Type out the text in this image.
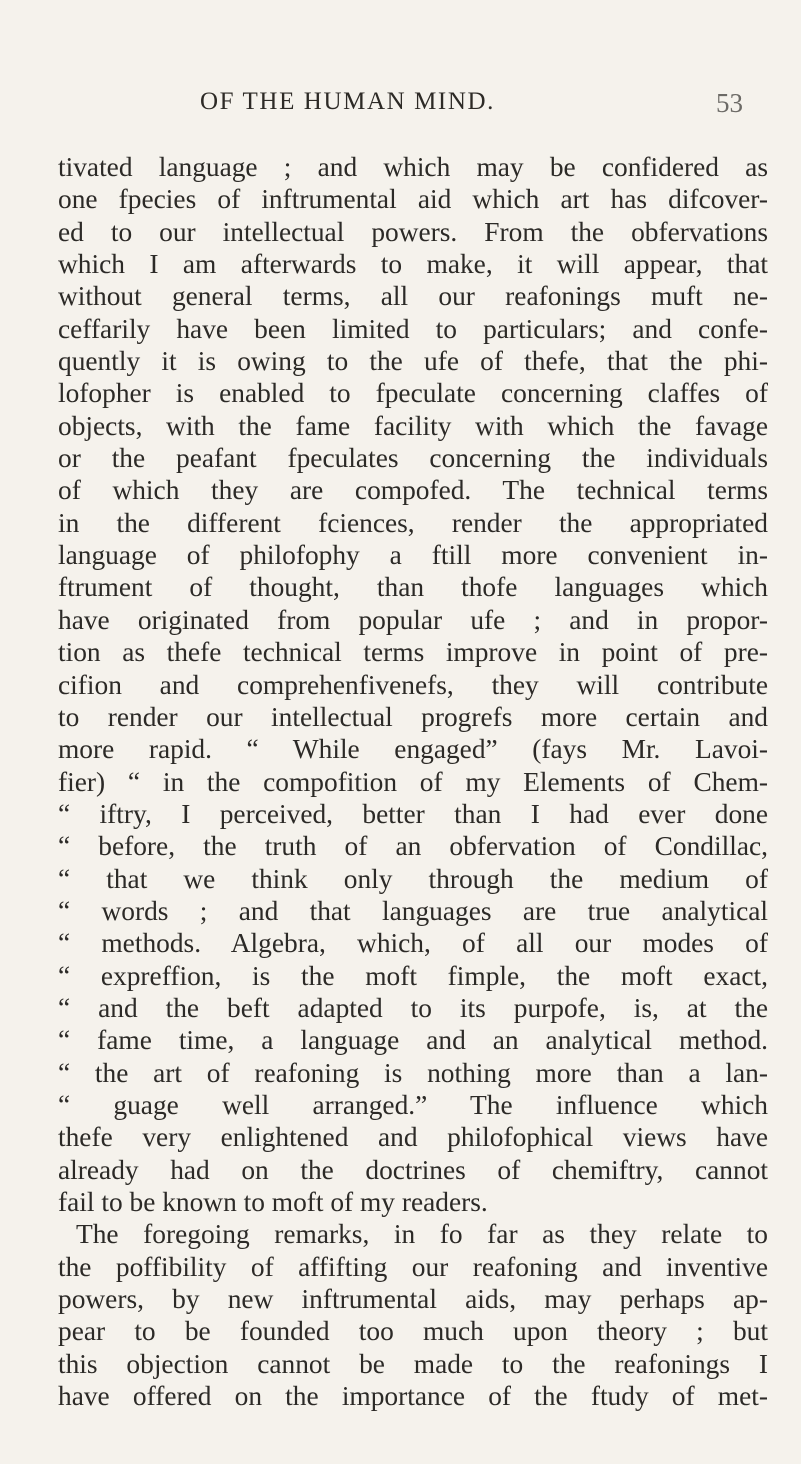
OF THE HUMAN MIND.	53
tivated language ; and which may be confidered as
one fpecies of inftrumental aid which art has difcover-
ed to our intellectual powers. From the obfervations
which I am afterwards to make, it will appear, that
without general terms, all our reafonings muft ne-
ceffarily have been limited to particulars; and confe-
quently it is owing to the ufe of thefe, that the phi-
lofopher is enabled to fpeculate concerning claffes of
objects, with the fame facility with which the favage
or the peafant fpeculates concerning the individuals
of which they are compofed. The technical terms
in the different fciences, render the appropriated
language of philofophy a ftill more convenient in-
ftrument of thought, than thofe languages which
have originated from popular ufe ; and in propor-
tion as thefe technical terms improve in point of pre-
cifion and comprehenfivenefs, they will contribute
to render our intellectual progrefs more certain and
more rapid. “ While engaged” (fays Mr. Lavoi-
fier) “ in the compofition of my Elements of Chem-
“ iftry, I perceived, better than I had ever done
“ before, the truth of an obfervation of Condillac,
“ that we think only through the medium of
“ words ; and that languages are true analytical
“ methods. Algebra, which, of all our modes of
“ expreffion, is the moft fimple, the moft exact,
“ and the beft adapted to its purpofe, is, at the
“ fame time, a language and an analytical method.
“ the art of reafoning is nothing more than a lan-
“ guage well arranged.” The influence which
thefe very enlightened and philofophical views have
already had on the doctrines of chemiftry, cannot
fail to be known to moft of my readers.
The foregoing remarks, in fo far as they relate to
the poffibility of affifting our reafoning and inventive
powers, by new inftrumental aids, may perhaps ap-
pear to be founded too much upon theory ; but
this objection cannot be made to the reafonings I
have offered on the importance of the ftudy of met-
